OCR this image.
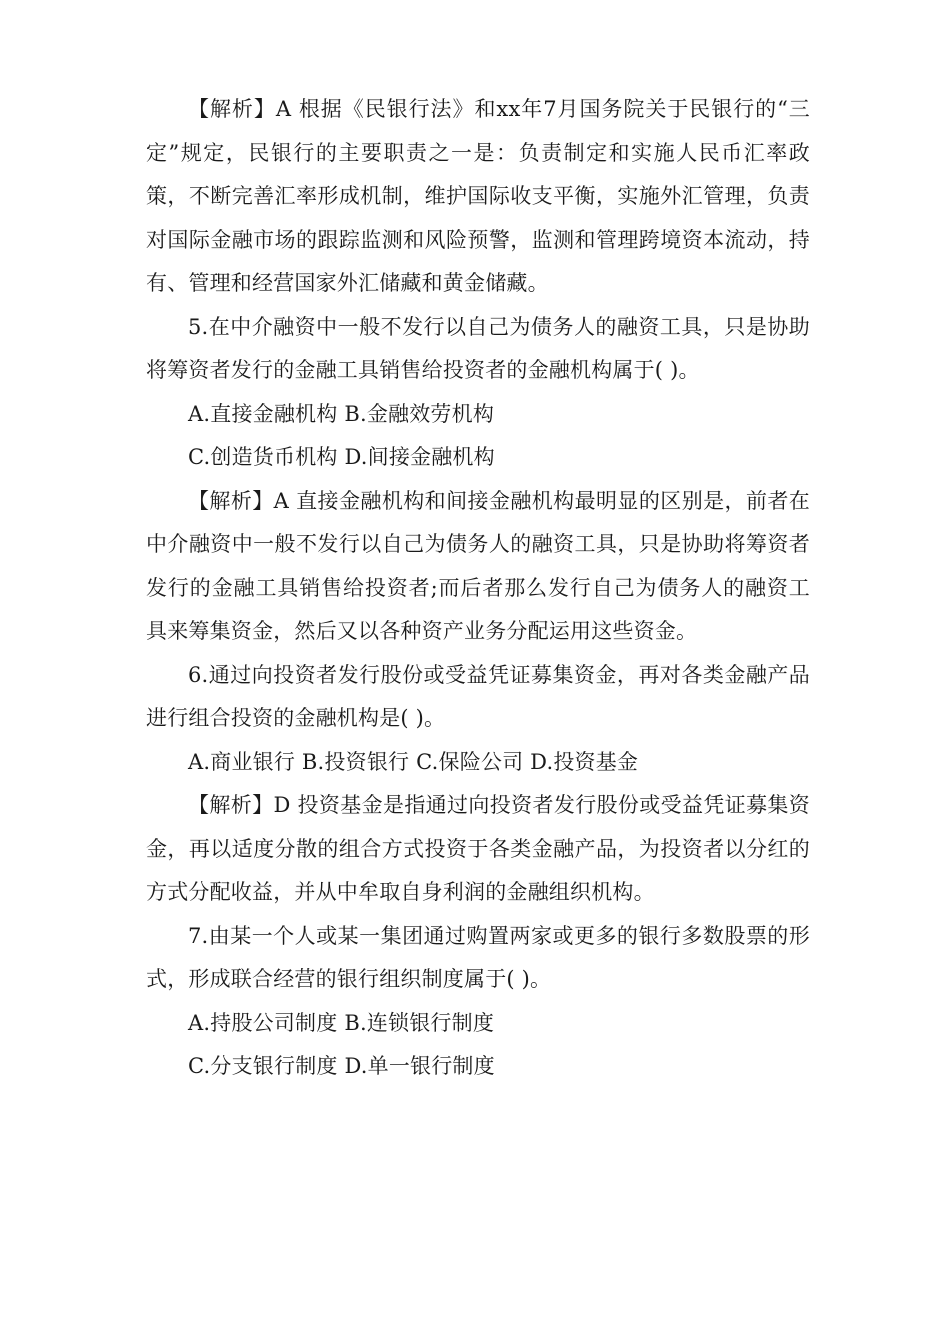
【解析】A 根据《民银行法》和xx年7月国务院关于民银行的“三定”规定，民银行的主要职责之一是：负责制定和实施人民币汇率政策，不断完善汇率形成机制，维护国际收支平衡，实施外汇管理，负责对国际金融市场的跟踪监测和风险预警，监测和管理跨境资本流动，持有、管理和经营国家外汇储藏和黄金储藏。

5.在中介融资中一般不发行以自己为债务人的融资工具，只是协助将筹资者发行的金融工具销售给投资者的金融机构属于( )。

A.直接金融机构 B.金融效劳机构

C.创造货币机构 D.间接金融机构

【解析】A 直接金融机构和间接金融机构最明显的区别是，前者在中介融资中一般不发行以自己为债务人的融资工具，只是协助将筹资者发行的金融工具销售给投资者;而后者那么发行自己为债务人的融资工具来筹集资金，然后又以各种资产业务分配运用这些资金。

6.通过向投资者发行股份或受益凭证募集资金，再对各类金融产品进行组合投资的金融机构是( )。

A.商业银行 B.投资银行 C.保险公司 D.投资基金

【解析】D 投资基金是指通过向投资者发行股份或受益凭证募集资金，再以适度分散的组合方式投资于各类金融产品，为投资者以分红的方式分配收益，并从中牟取自身利润的金融组织机构。

7.由某一个人或某一集团通过购置两家或更多的银行多数股票的形式，形成联合经营的银行组织制度属于( )。

A.持股公司制度 B.连锁银行制度

C.分支银行制度 D.单一银行制度
